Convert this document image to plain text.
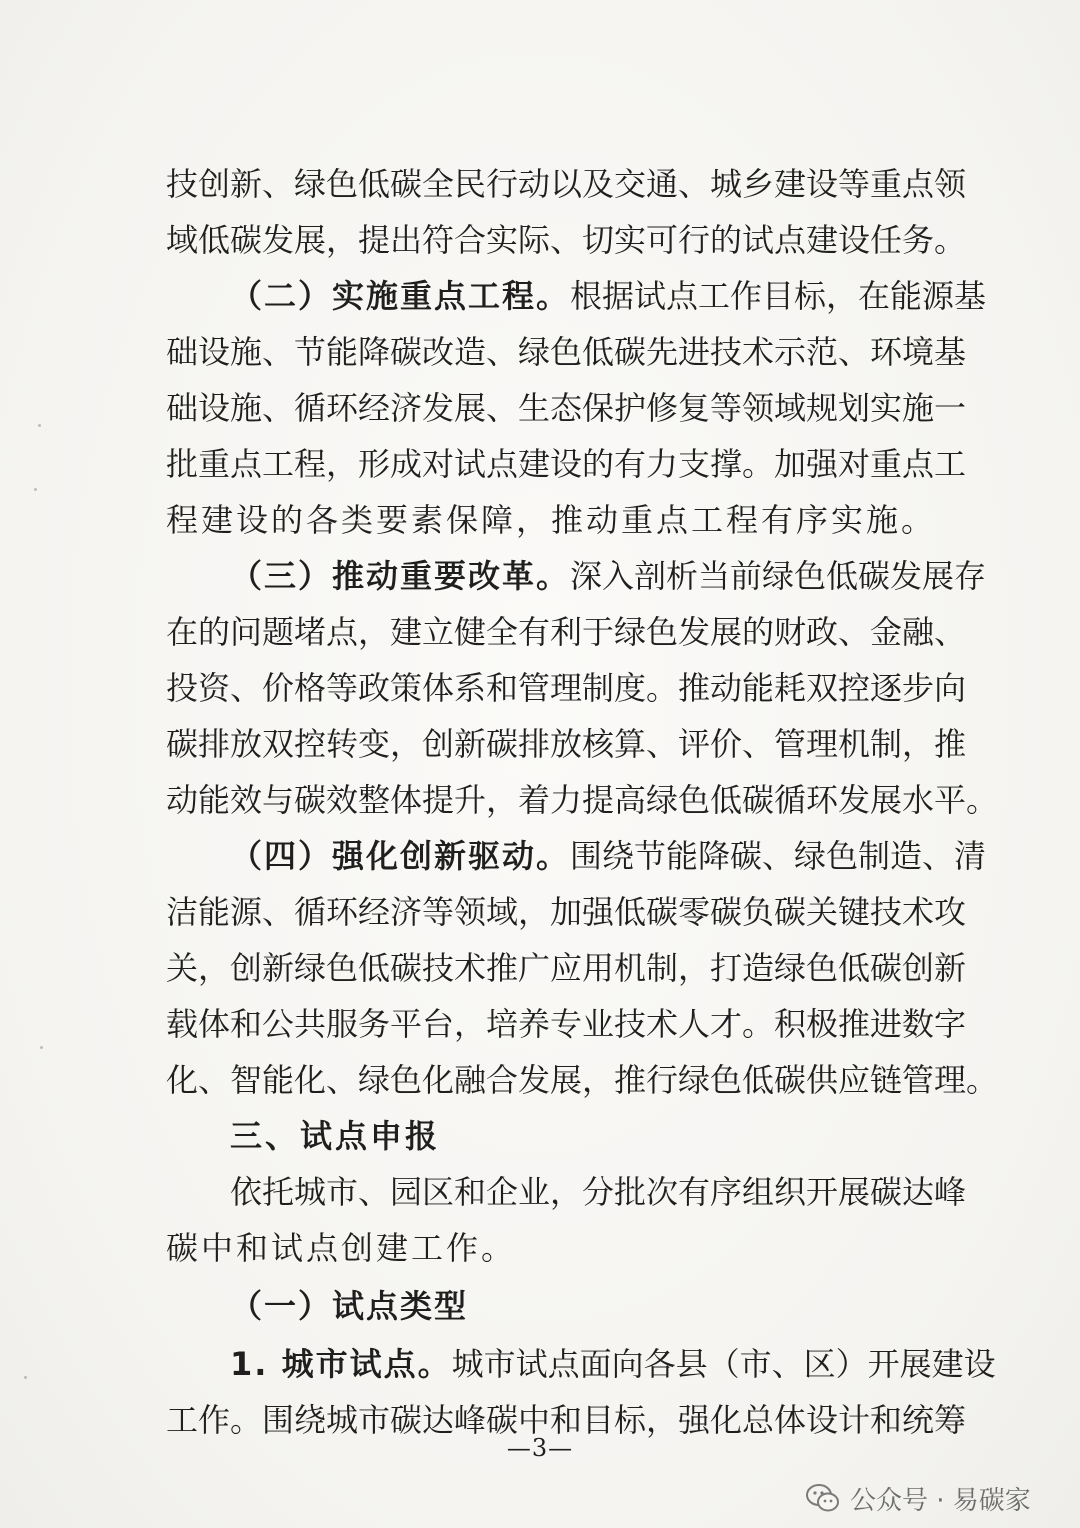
技创新、绿色低碳全民行动以及交通、城乡建设等重点领
域低碳发展，提出符合实际、切实可行的试点建设任务。
（二）实施重点工程。根据试点工作目标，在能源基
础设施、节能降碳改造、绿色低碳先进技术示范、环境基
础设施、循环经济发展、生态保护修复等领域规划实施一
批重点工程，形成对试点建设的有力支撑。加强对重点工
程建设的各类要素保障，推动重点工程有序实施。
（三）推动重要改革。深入剖析当前绿色低碳发展存
在的问题堵点，建立健全有利于绿色发展的财政、金融、
投资、价格等政策体系和管理制度。推动能耗双控逐步向
碳排放双控转变，创新碳排放核算、评价、管理机制，推
动能效与碳效整体提升，着力提高绿色低碳循环发展水平。
（四）强化创新驱动。围绕节能降碳、绿色制造、清
洁能源、循环经济等领域，加强低碳零碳负碳关键技术攻
关，创新绿色低碳技术推广应用机制，打造绿色低碳创新
载体和公共服务平台，培养专业技术人才。积极推进数字
化、智能化、绿色化融合发展，推行绿色低碳供应链管理。
三、试点申报
依托城市、园区和企业，分批次有序组织开展碳达峰
碳中和试点创建工作。
（一）试点类型
1. 城市试点。城市试点面向各县（市、区）开展建设
工作。围绕城市碳达峰碳中和目标，强化总体设计和统筹
—3—
公众号 · 易碳家
